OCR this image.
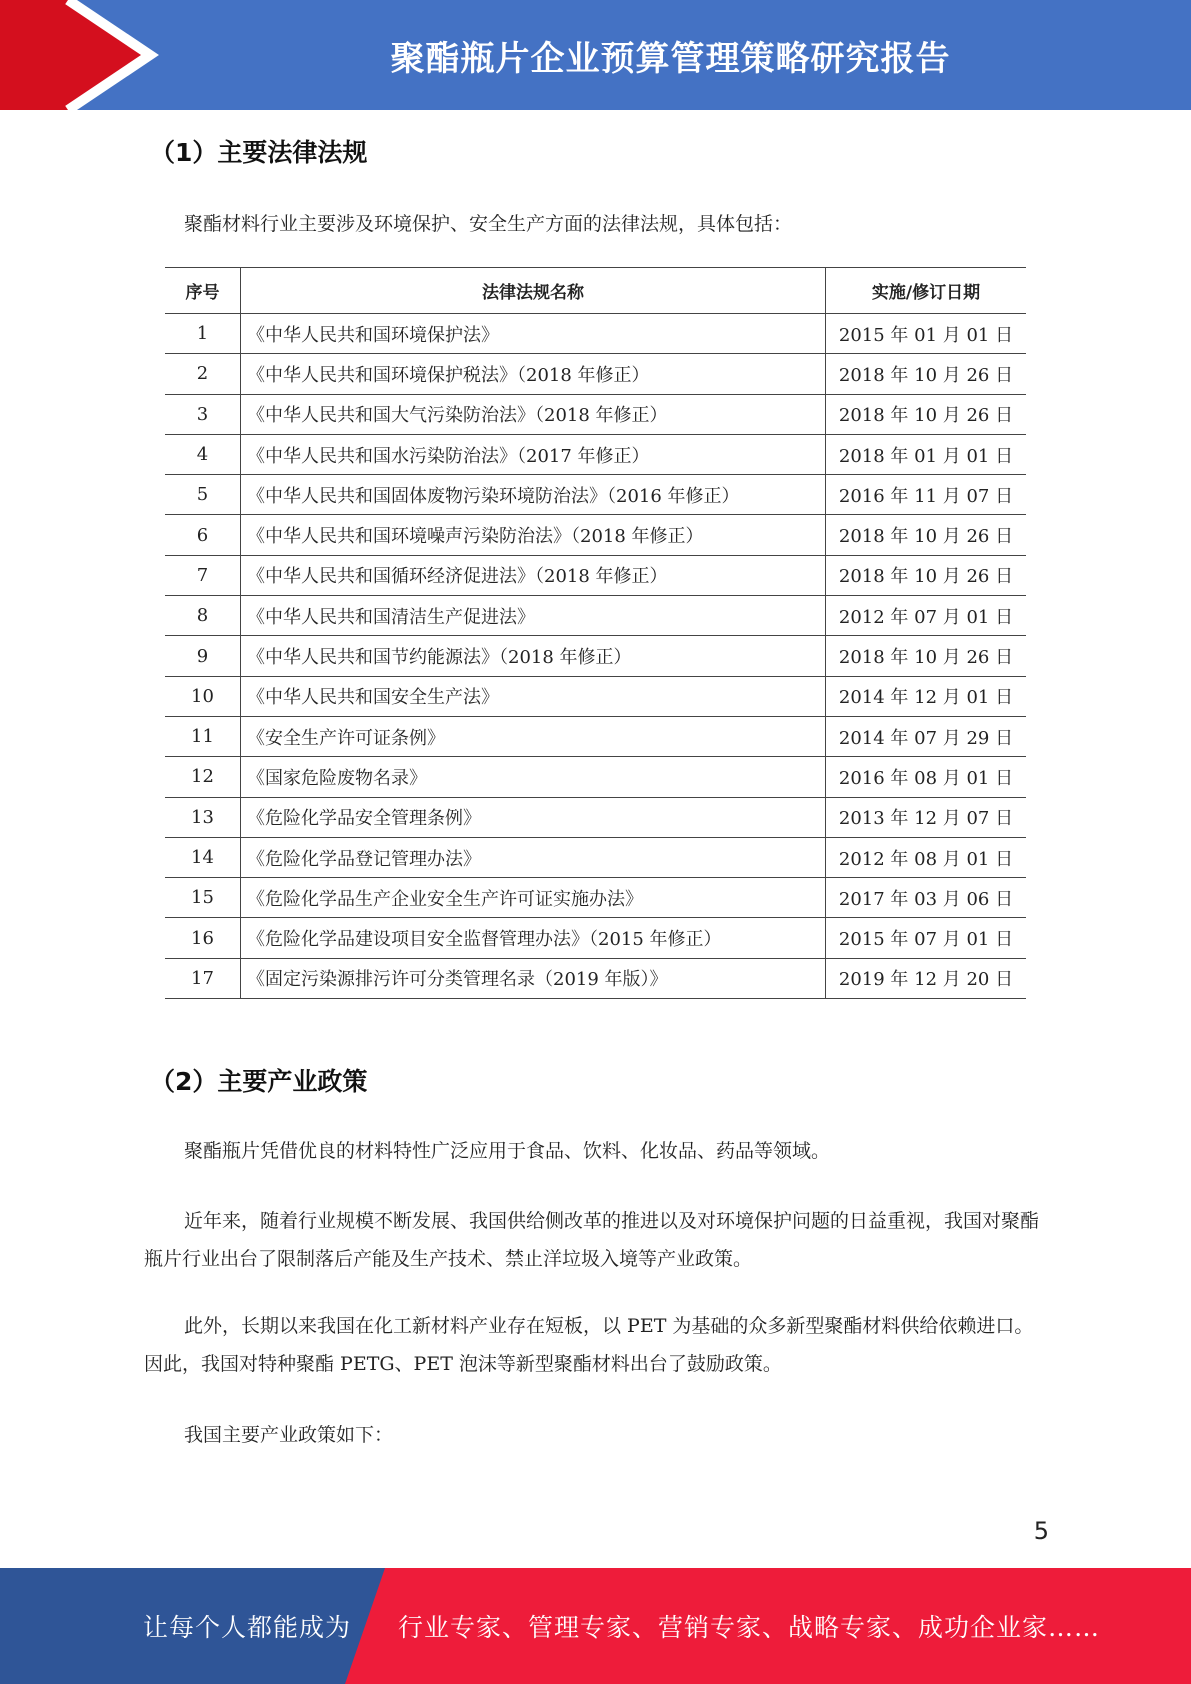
聚酯瓶片企业预算管理策略研究报告
（1）主要法律法规

聚酯材料行业主要涉及环境保护、安全生产方面的法律法规，具体包括：

序号	法律法规名称	实施/修订日期
1	《中华人民共和国环境保护法》	2015 年 01 月 01 日
2	《中华人民共和国环境保护税法》（2018 年修正）	2018 年 10 月 26 日
3	《中华人民共和国大气污染防治法》（2018 年修正）	2018 年 10 月 26 日
4	《中华人民共和国水污染防治法》（2017 年修正）	2018 年 01 月 01 日
5	《中华人民共和国固体废物污染环境防治法》（2016 年修正）	2016 年 11 月 07 日
6	《中华人民共和国环境噪声污染防治法》（2018 年修正）	2018 年 10 月 26 日
7	《中华人民共和国循环经济促进法》（2018 年修正）	2018 年 10 月 26 日
8	《中华人民共和国清洁生产促进法》	2012 年 07 月 01 日
9	《中华人民共和国节约能源法》（2018 年修正）	2018 年 10 月 26 日
10	《中华人民共和国安全生产法》	2014 年 12 月 01 日
11	《安全生产许可证条例》	2014 年 07 月 29 日
12	《国家危险废物名录》	2016 年 08 月 01 日
13	《危险化学品安全管理条例》	2013 年 12 月 07 日
14	《危险化学品登记管理办法》	2012 年 08 月 01 日
15	《危险化学品生产企业安全生产许可证实施办法》	2017 年 03 月 06 日
16	《危险化学品建设项目安全监督管理办法》（2015 年修正）	2015 年 07 月 01 日
17	《固定污染源排污许可分类管理名录（2019 年版）》	2019 年 12 月 20 日
（2）主要产业政策

聚酯瓶片凭借优良的材料特性广泛应用于食品、饮料、化妆品、药品等领域。

近年来，随着行业规模不断发展、我国供给侧改革的推进以及对环境保护问题的日益重视，我国对聚酯瓶片行业出台了限制落后产能及生产技术、禁止洋垃圾入境等产业政策。

此外，长期以来我国在化工新材料产业存在短板，以 PET 为基础的众多新型聚酯材料供给依赖进口。因此，我国对特种聚酯 PETG、PET 泡沫等新型聚酯材料出台了鼓励政策。

我国主要产业政策如下：

5
让每个人都能成为 行业专家、管理专家、营销专家、战略专家、成功企业家……
